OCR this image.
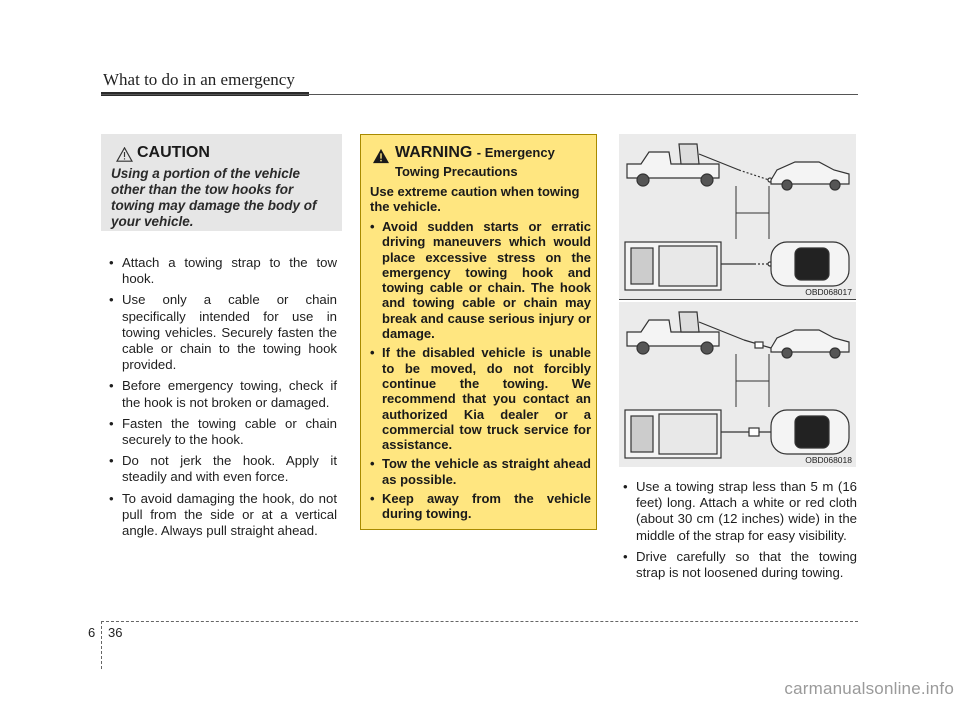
What to do in an emergency
CAUTION
Using a portion of the vehicle other than the tow hooks for towing may damage the body of your vehicle.
• Attach a towing strap to the tow hook.
• Use only a cable or chain specifically intended for use in towing vehicles. Securely fasten the cable or chain to the towing hook provided.
• Before emergency towing, check if the hook is not broken or damaged.
• Fasten the towing cable or chain securely to the hook.
• Do not jerk the hook. Apply it steadily and with even force.
• To avoid damaging the hook, do not pull from the side or at a vertical angle. Always pull straight ahead.
WARNING - Emergency
Towing Precautions
Use extreme caution when towing the vehicle.
• Avoid sudden starts or erratic driving maneuvers which would place excessive stress on the emergency towing hook and towing cable or chain. The hook and towing cable or chain may break and cause serious injury or damage.
• If the disabled vehicle is unable to be moved, do not forcibly continue the towing. We recommend that you contact an authorized Kia dealer or a commercial tow truck service for assistance.
• Tow the vehicle as straight ahead as possible.
• Keep away from the vehicle during towing.
OBD068017
OBD068018
• Use a towing strap less than 5 m (16 feet) long. Attach a white or red cloth (about 30 cm (12 inches) wide) in the middle of the strap for easy visibility.
• Drive carefully so that the towing strap is not loosened during towing.
6 36
carmanualsonline.info
